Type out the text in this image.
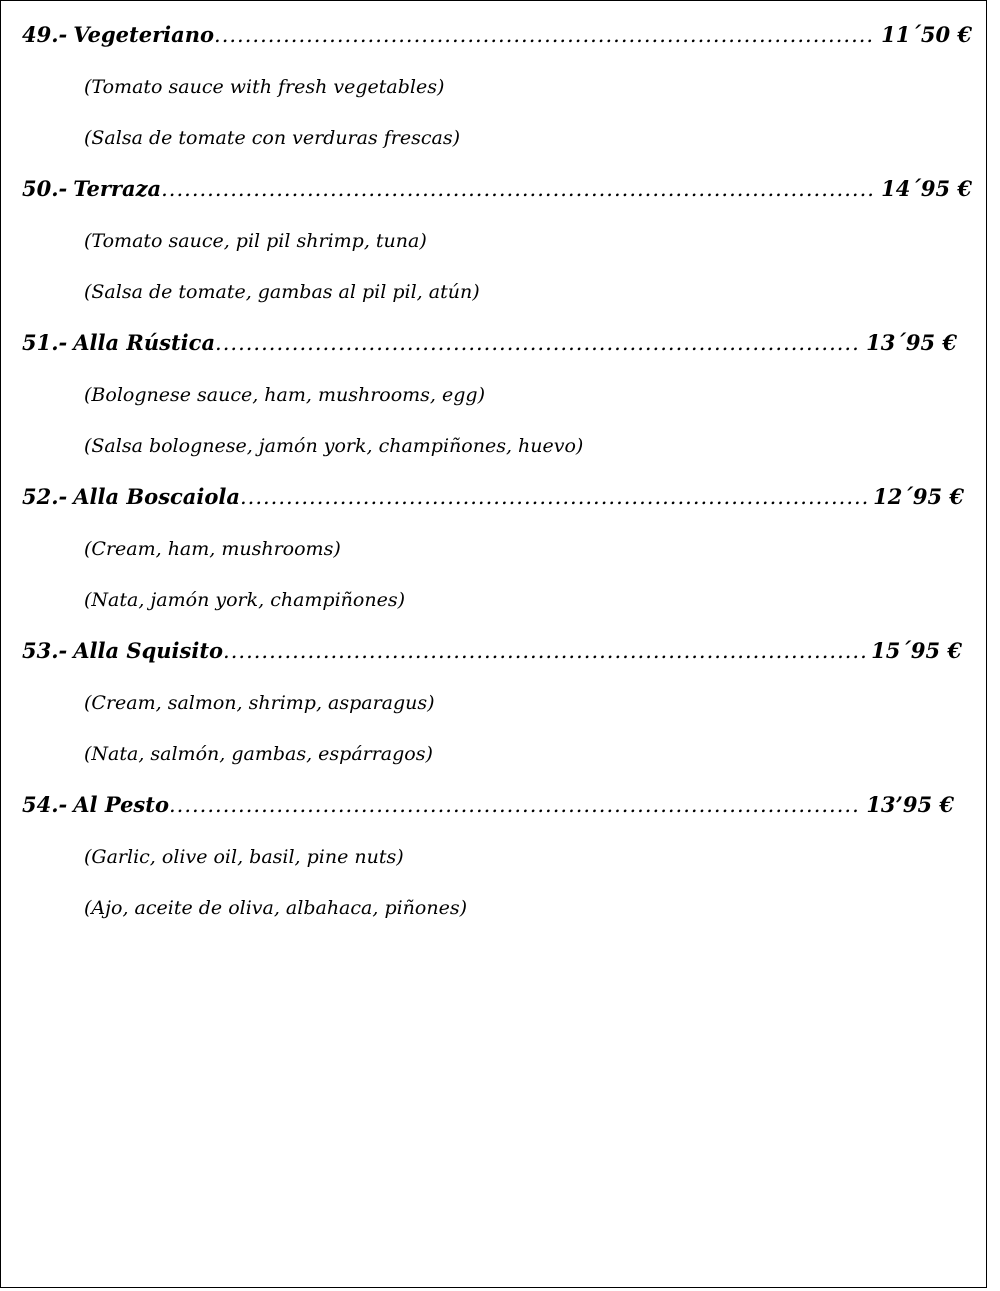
49.- Vegeteriano .....	11´50 €
(Tomato sauce with fresh vegetables)
(Salsa de tomate con verduras frescas)
50.- Terraza .....	14´95 €
(Tomato sauce, pil pil shrimp, tuna)
(Salsa de tomate, gambas al pil pil, atún)
51.- Alla Rústica .....	13´95 €
(Bolognese sauce, ham, mushrooms, egg)
(Salsa bolognese, jamón york, champiñones, huevo)
52.- Alla Boscaiola .....	12´95 €
(Cream, ham, mushrooms)
(Nata, jamón york, champiñones)
53.- Alla Squisito .....	15´95 €
(Cream, salmon, shrimp, asparagus)
(Nata, salmón, gambas, espárragos)
54.- Al Pesto .....	13’95 €
(Garlic, olive oil, basil, pine nuts)
(Ajo, aceite de oliva, albahaca, piñones)
